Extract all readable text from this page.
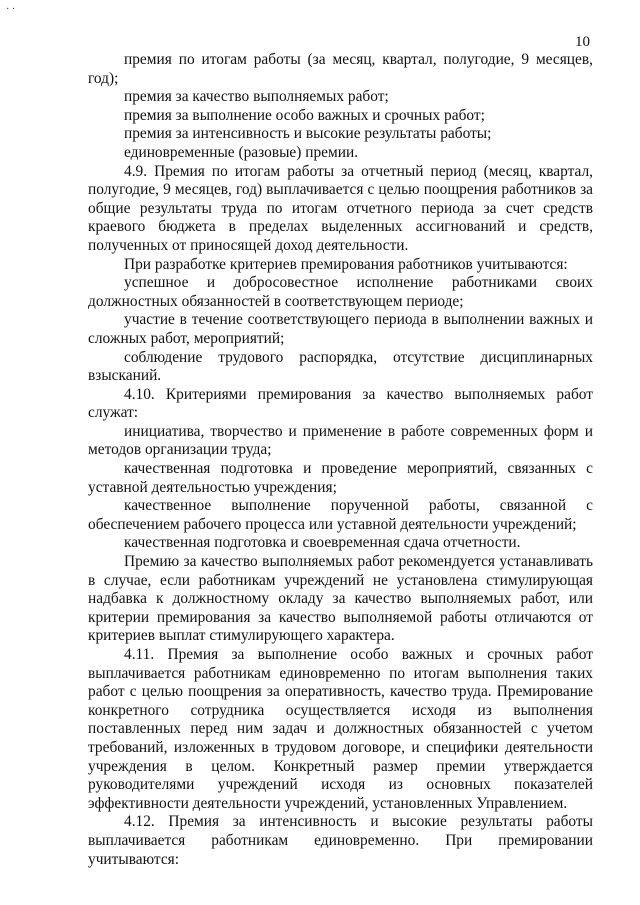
· ·
10

премия по итогам работы (за месяц, квартал, полугодие, 9 месяцев, год);

премия за качество выполняемых работ;

премия за выполнение особо важных и срочных работ;

премия за интенсивность и высокие результаты работы;

единовременные (разовые) премии.

4.9. Премия по итогам работы за отчетный период (месяц, квартал, полугодие, 9 месяцев, год) выплачивается с целью поощрения работников за общие результаты труда по итогам отчетного периода за счет средств краевого бюджета в пределах выделенных ассигнований и средств, полученных от приносящей доход деятельности.

При разработке критериев премирования работников учитываются:

успешное и добросовестное исполнение работниками своих должностных обязанностей в соответствующем периоде;

участие в течение соответствующего периода в выполнении важных и сложных работ, мероприятий;

соблюдение трудового распорядка, отсутствие дисциплинарных взысканий.

4.10. Критериями премирования за качество выполняемых работ служат:

инициатива, творчество и применение в работе современных форм и методов организации труда;

качественная подготовка и проведение мероприятий, связанных с уставной деятельностью учреждения;

качественное выполнение порученной работы, связанной с обеспечением рабочего процесса или уставной деятельности учреждений;

качественная подготовка и своевременная сдача отчетности.

Премию за качество выполняемых работ рекомендуется устанавливать в случае, если работникам учреждений не установлена стимулирующая надбавка к должностному окладу за качество выполняемых работ, или критерии премирования за качество выполняемой работы отличаются от критериев выплат стимулирующего характера.

4.11. Премия за выполнение особо важных и срочных работ выплачивается работникам единовременно по итогам выполнения таких работ с целью поощрения за оперативность, качество труда. Премирование конкретного сотрудника осуществляется исходя из выполнения поставленных перед ним задач и должностных обязанностей с учетом требований, изложенных в трудовом договоре, и специфики деятельности учреждения в целом. Конкретный размер премии утверждается руководителями учреждений исходя из основных показателей эффективности деятельности учреждений, установленных Управлением.

4.12. Премия за интенсивность и высокие результаты работы выплачивается работникам единовременно. При премировании учитываются:
